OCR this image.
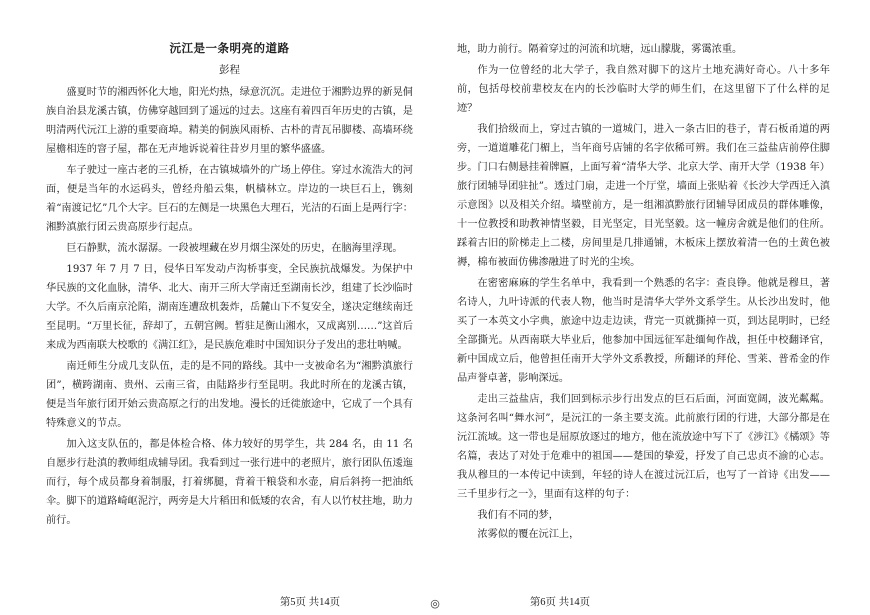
沅江是一条明亮的道路
彭程

盛夏时节的湘西怀化大地，阳光灼热，绿意沉沉。走进位于湘黔边界的新晃侗族自治县龙溪古镇，仿佛穿越回到了遥远的过去。这座有着四百年历史的古镇，是明清两代沅江上游的重要商埠。精美的侗族风雨桥、古朴的青瓦吊脚楼、高墙环绕屋檐相连的窨子屋，都在无声地诉说着往昔岁月里的繁华盛盛。

车子驶过一座古老的三孔桥，在古镇城墙外的广场上停住。穿过水流浩大的河面，便是当年的水运码头，曾经舟船云集，帆樯林立。岸边的一块巨石上，镌刻着“南渡记忆”几个大字。巨石的左侧是一块黑色大理石，光洁的石面上是两行字：湘黔滇旅行团云贵高原步行起点。

巨石静默，流水潺潺。一段被埋藏在岁月烟尘深处的历史，在脑海里浮现。

1937 年 7 月 7 日，侵华日军发动卢沟桥事变，全民族抗战爆发。为保护中华民族的文化血脉，清华、北大、南开三所大学南迁至湖南长沙，组建了长沙临时大学。不久后南京沦陷，湖南连遭敌机轰炸，岳麓山下不复安全，遂决定继续南迁至昆明。“万里长征，辞却了，五朝宫阙。暂驻足衡山湘水，又成离别……”这首后来成为西南联大校歌的《满江红》，是民族危难时中国知识分子发出的悲壮呐喊。

南迁师生分成几支队伍，走的是不同的路线。其中一支被命名为“湘黔滇旅行团”，横跨湖南、贵州、云南三省，由陆路步行至昆明。我此时所在的龙溪古镇，便是当年旅行团开始云贵高原之行的出发地。漫长的迁徙旅途中，它成了一个具有特殊意义的节点。

加入这支队伍的，都是体检合格、体力较好的男学生，共 284 名，由 11 名自愿步行赴滇的教师组成辅导团。我看到过一张行进中的老照片，旅行团队伍逶迤而行，每个成员都身着制服，打着绑腿，背着干粮袋和水壶，肩后斜挎一把油纸伞。脚下的道路崎岖泥泞，两旁是大片稻田和低矮的农舍，有人以竹杖拄地，助力前行。

地，助力前行。隔着穿过的河流和坑塘，远山朦胧，雾霭浓重。

作为一位曾经的北大学子，我自然对脚下的这片土地充满好奇心。八十多年前，包括母校前辈校友在内的长沙临时大学的师生们，在这里留下了什么样的足迹？

我们拾级而上，穿过古镇的一道城门，进入一条古旧的巷子，青石板甬道的两旁，一道道雕花门楣上，当年商号店铺的名字依稀可辨。我们在三益盐店前停住脚步。门口右侧悬挂着牌匾，上面写着“清华大学、北京大学、南开大学（1938 年）旅行团辅导团驻扯”。透过门扇，走进一个厅堂，墙面上张贴着《长沙大学西迁入滇示意图》以及相关介绍。墙壁前方，是一组湘滇黔旅行团辅导团成员的群体雕像，十一位教授和助教神情坚毅，目光坚定，目光坚毅。这一幢房舍就是他们的住所。踩着古旧的阶梯走上二楼，房间里是几排通铺，木板床上摆放着清一色的土黄色被褥，棉布被面仿佛渗融进了时光的尘埃。

在密密麻麻的学生名单中，我看到一个熟悉的名字：查良铮。他就是穆旦，著名诗人，九叶诗派的代表人物，他当时是清华大学外文系学生。从长沙出发时，他买了一本英文小字典，旅途中边走边读，背完一页就撕掉一页，到达昆明时，已经全部撕光。从西南联大毕业后，他参加中国远征军赴缅甸作战，担任中校翻译官，新中国成立后，他曾担任南开大学外文系教授，所翻译的拜伦、雪莱、普希金的作品声誉卓著，影响深远。

走出三益盐店，我们回到标示步行出发点的巨石后面，河面宽阔，波光粼粼。这条河名叫“舞水河”，是沅江的一条主要支流。此前旅行团的行进，大部分都是在沅江流域。这一带也是屈原放逐过的地方，他在流放途中写下了《涉江》《橘颂》等名篇，表达了对处于危难中的祖国——楚国的挚爱，抒发了自己忠贞不渝的心志。我从穆旦的一本传记中读到，年轻的诗人在渡过沅江后，也写了一首诗《出发——三千里步行之一》，里面有这样的句子：

我们有不同的梦，

浓雾似的覆在沅江上，

第5页 共14页	◎	第6页 共14页
